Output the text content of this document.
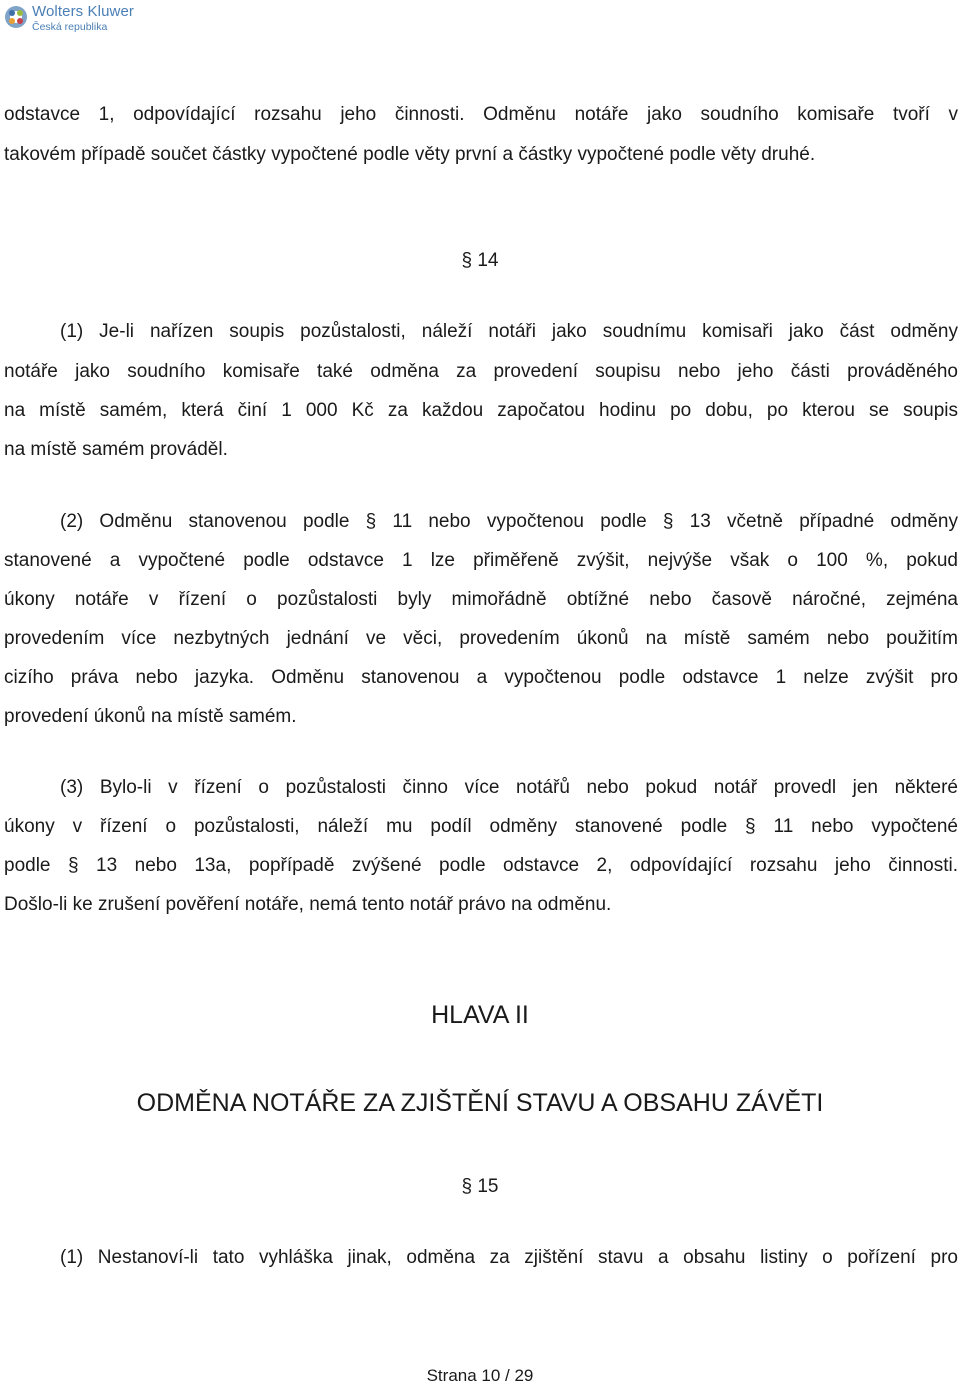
Wolters Kluwer
Česká republika
odstavce 1, odpovídající rozsahu jeho činnosti. Odměnu notáře jako soudního komisaře tvoří v
takovém případě součet částky vypočtené podle věty první a částky vypočtené podle věty druhé.
§ 14
(1) Je-li nařízen soupis pozůstalosti, náleží notáři jako soudnímu komisaři jako část odměny
notáře jako soudního komisaře také odměna za provedení soupisu nebo jeho části prováděného
na místě samém, která činí 1 000 Kč za každou započatou hodinu po dobu, po kterou se soupis
na místě samém prováděl.
(2) Odměnu stanovenou podle § 11 nebo vypočtenou podle § 13 včetně případné odměny
stanovené a vypočtené podle odstavce 1 lze přiměřeně zvýšit, nejvýše však o 100 %, pokud
úkony notáře v řízení o pozůstalosti byly mimořádně obtížné nebo časově náročné, zejména
provedením více nezbytných jednání ve věci, provedením úkonů na místě samém nebo použitím
cizího práva nebo jazyka. Odměnu stanovenou a vypočtenou podle odstavce 1 nelze zvýšit pro
provedení úkonů na místě samém.
(3) Bylo-li v řízení o pozůstalosti činno více notářů nebo pokud notář provedl jen některé
úkony v řízení o pozůstalosti, náleží mu podíl odměny stanovené podle § 11 nebo vypočtené
podle § 13 nebo 13a, popřípadě zvýšené podle odstavce 2, odpovídající rozsahu jeho činnosti.
Došlo-li ke zrušení pověření notáře, nemá tento notář právo na odměnu.
HLAVA II
ODMĚNA NOTÁŘE ZA ZJIŠTĚNÍ STAVU A OBSAHU ZÁVĚTI
§ 15
(1) Nestanoví-li tato vyhláška jinak, odměna za zjištění stavu a obsahu listiny o pořízení pro
Strana 10 / 29
